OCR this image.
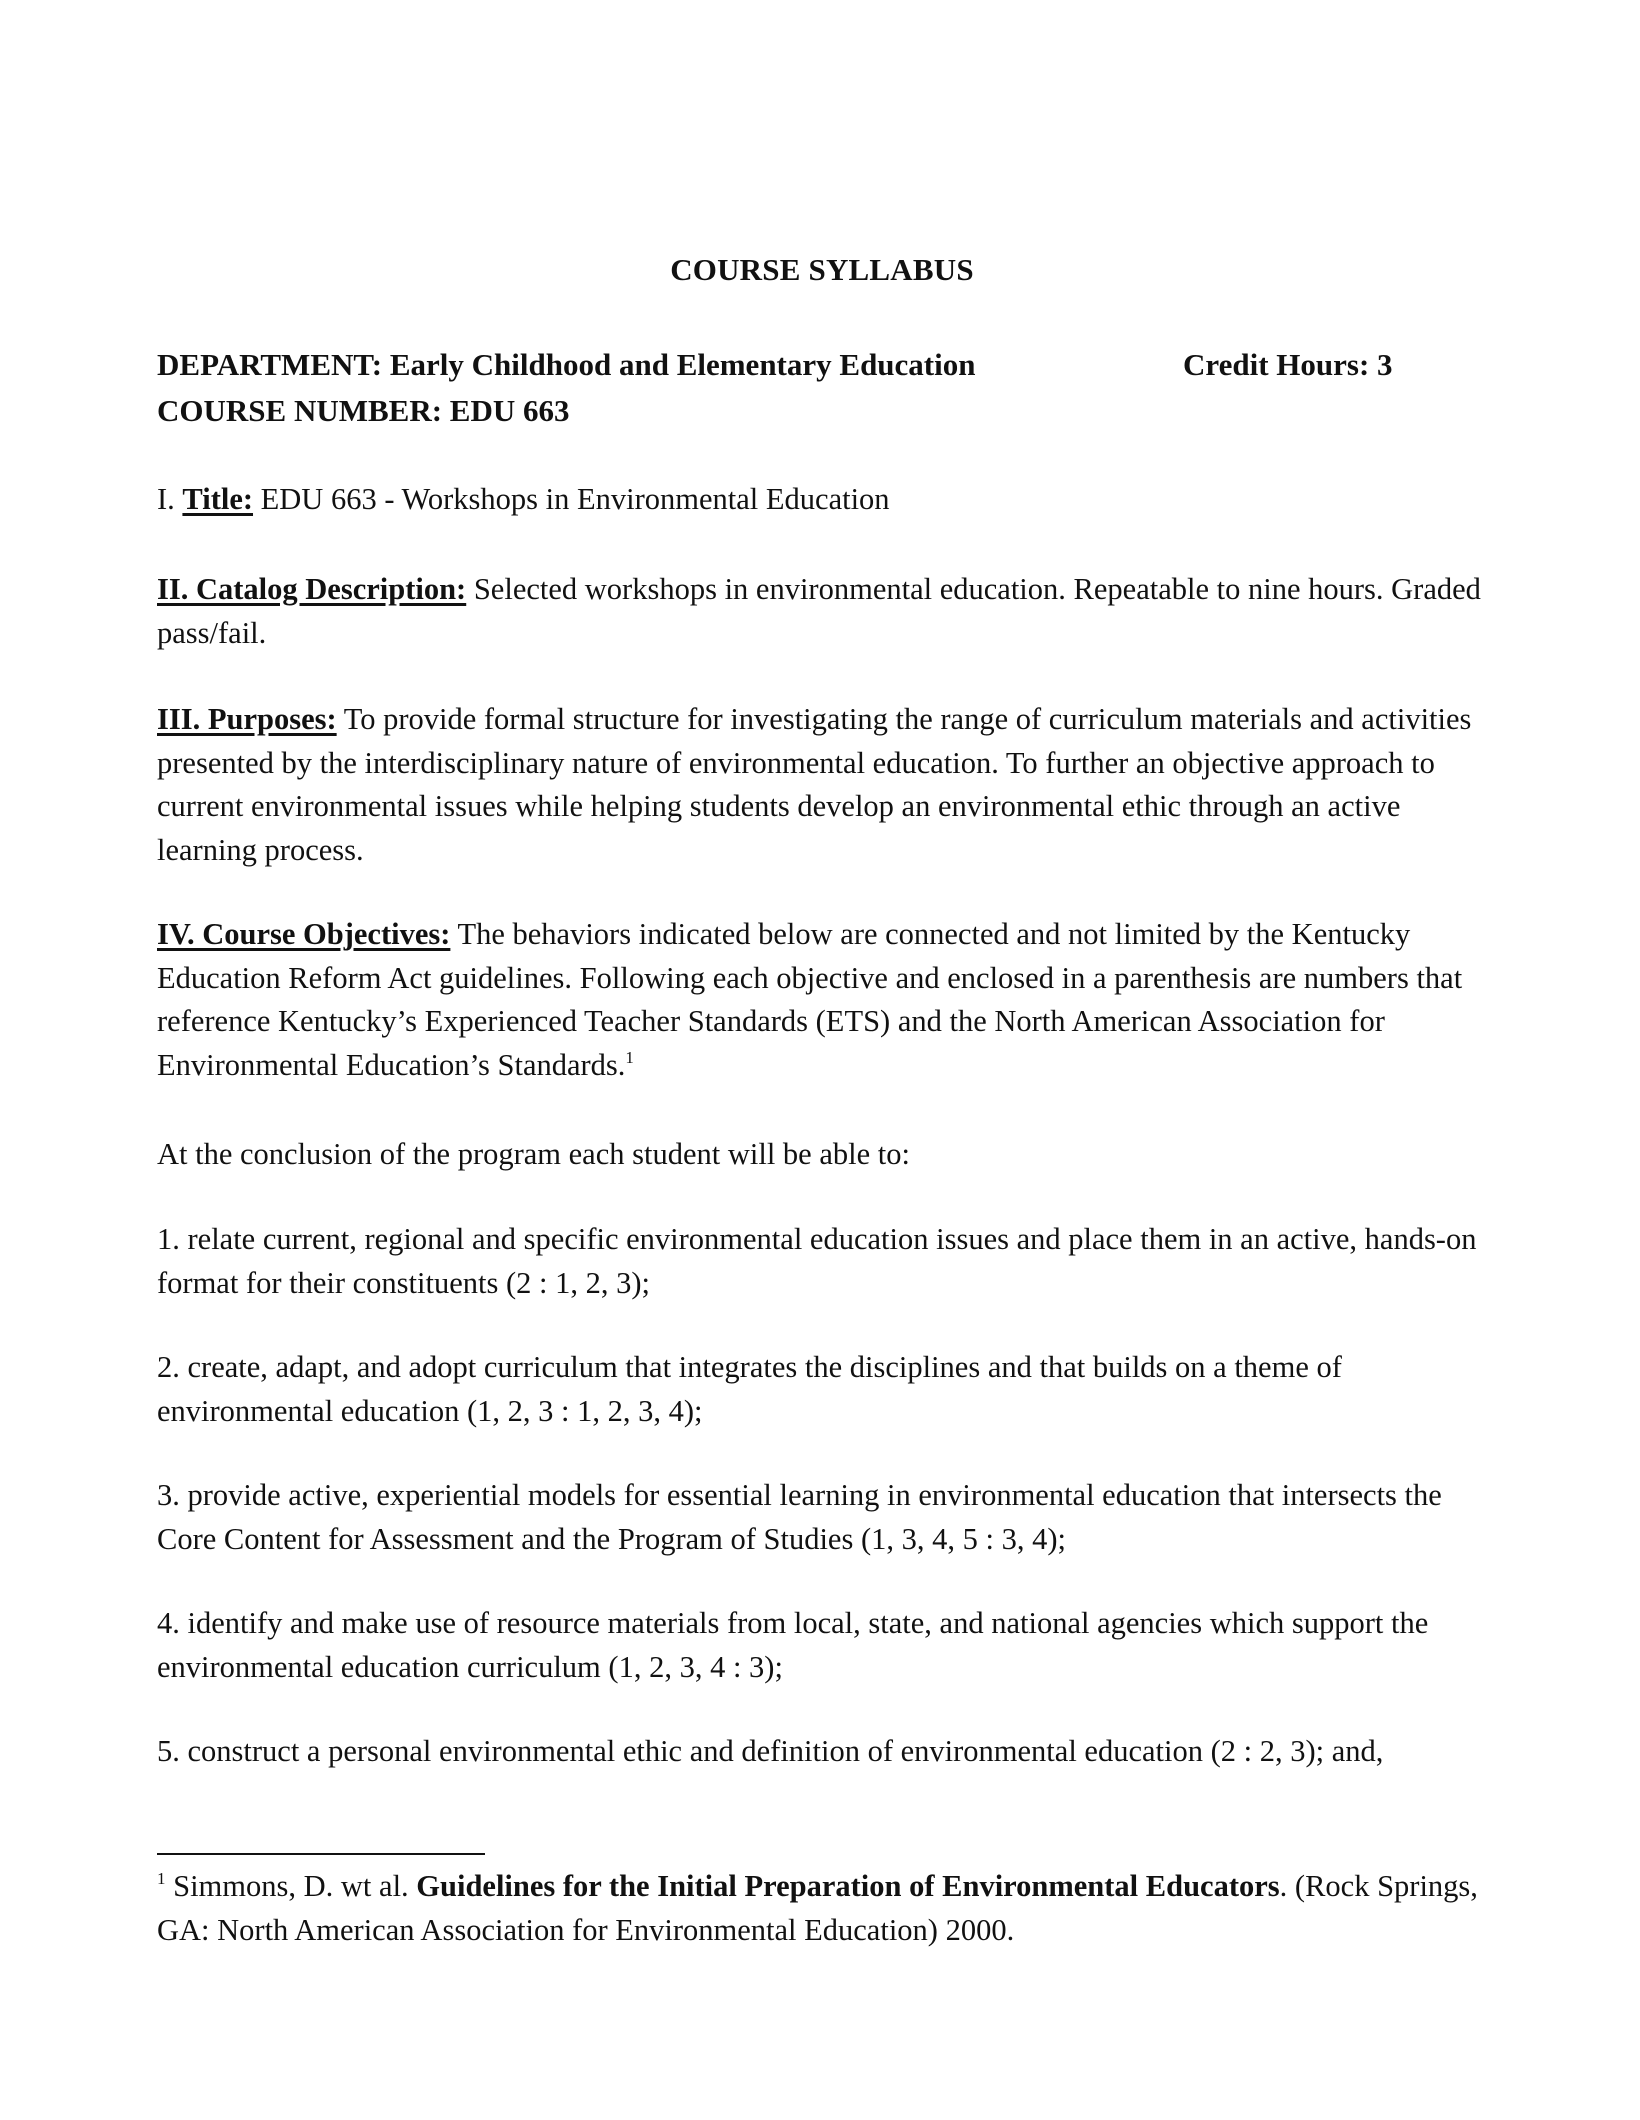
COURSE SYLLABUS
DEPARTMENT: Early Childhood and Elementary Education	Credit Hours: 3
COURSE NUMBER: EDU 663
I. Title: EDU 663 - Workshops in Environmental Education
II. Catalog Description: Selected workshops in environmental education. Repeatable to nine hours. Graded pass/fail.
III. Purposes: To provide formal structure for investigating the range of curriculum materials and activities presented by the interdisciplinary nature of environmental education. To further an objective approach to current environmental issues while helping students develop an environmental ethic through an active learning process.
IV. Course Objectives: The behaviors indicated below are connected and not limited by the Kentucky Education Reform Act guidelines. Following each objective and enclosed in a parenthesis are numbers that reference Kentucky’s Experienced Teacher Standards (ETS) and the North American Association for Environmental Education’s Standards.$^1$
At the conclusion of the program each student will be able to:
1. relate current, regional and specific environmental education issues and place them in an active, hands-on format for their constituents (2 : 1, 2, 3);
2. create, adapt, and adopt curriculum that integrates the disciplines and that builds on a theme of environmental education (1, 2, 3 : 1, 2, 3, 4);
3. provide active, experiential models for essential learning in environmental education that intersects the Core Content for Assessment and the Program of Studies (1, 3, 4, 5 : 3, 4);
4. identify and make use of resource materials from local, state, and national agencies which support the environmental education curriculum (1, 2, 3, 4 : 3);
5. construct a personal environmental ethic and definition of environmental education (2 : 2, 3); and,
$^1$ Simmons, D. wt al. Guidelines for the Initial Preparation of Environmental Educators. (Rock Springs, GA: North American Association for Environmental Education) 2000.
